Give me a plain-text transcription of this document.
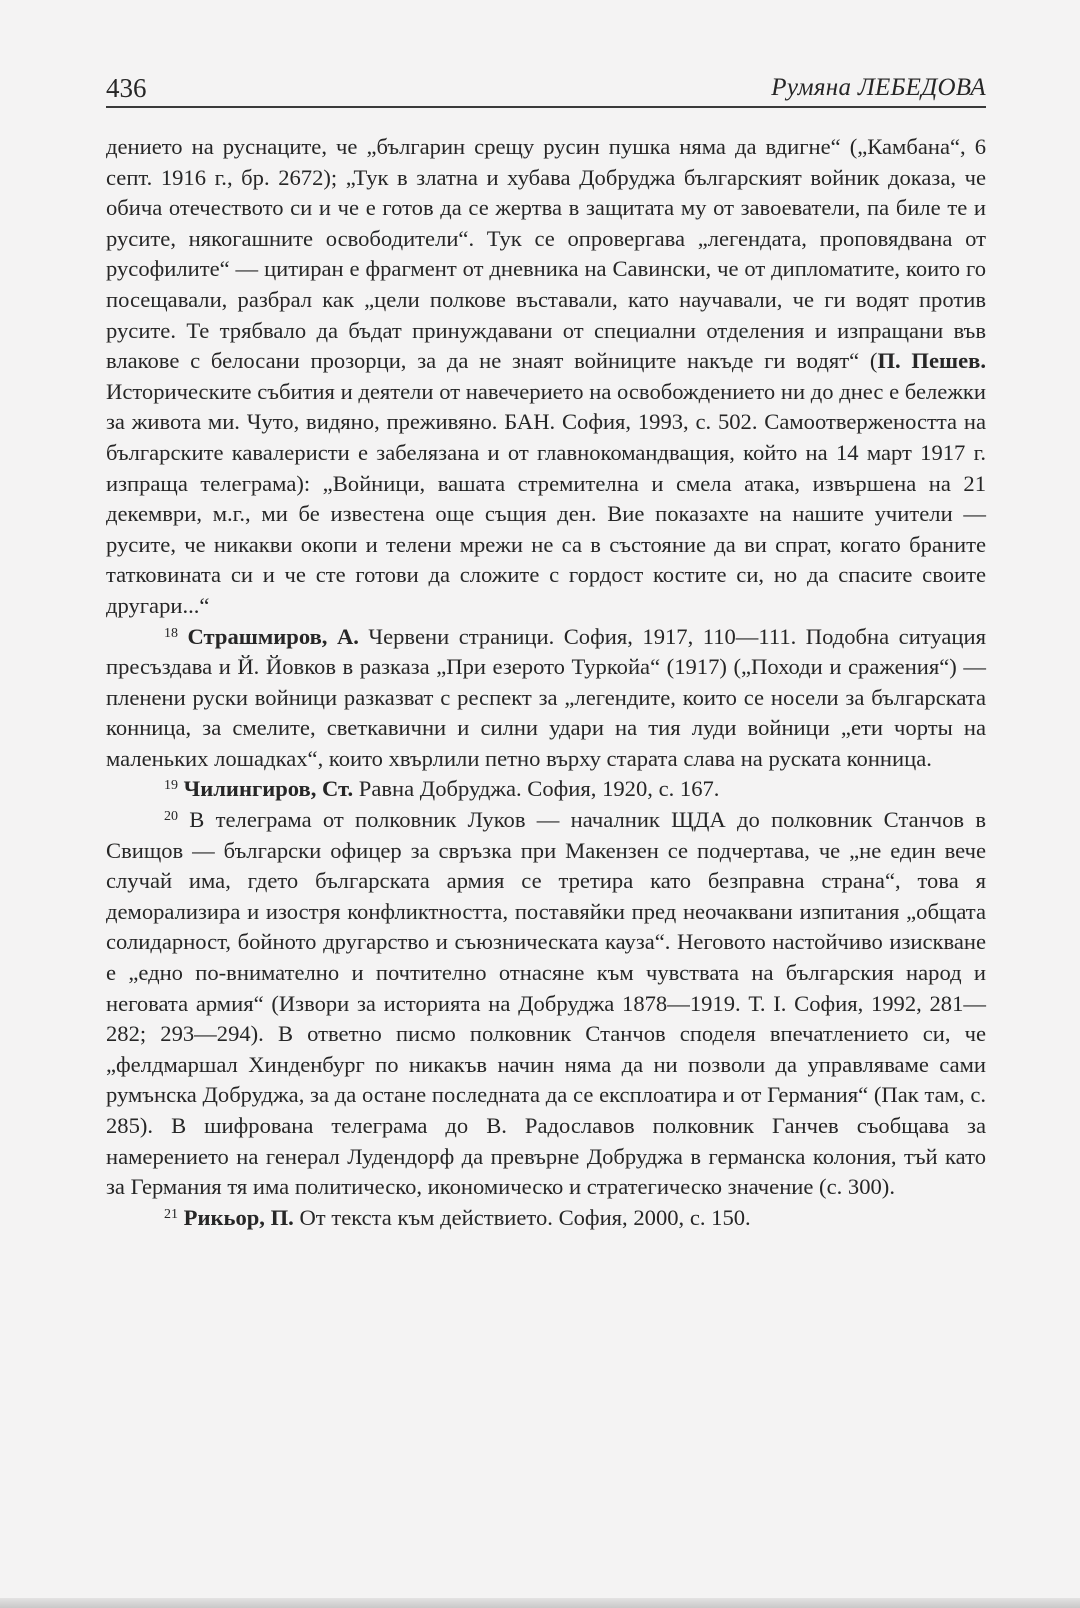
436	Румяна ЛЕБЕДОВА

дението на руснаците, че „българин срещу русин пушка няма да вдигне“ („Камбана“, 6 септ. 1916 г., бр. 2672); „Тук в златна и хубава Добруджа българският войник доказа, че обича отечеството си и че е готов да се жертва в защитата му от завоеватели, па биле те и русите, някогашните освободители“. Тук се опровергава „легендата, проповядвана от русофилите“ — цитиран е фрагмент от дневника на Савински, че от дипломатите, които го посещавали, разбрал как „цели полкове въставали, като научавали, че ги водят против русите. Те трябвало да бъдат принуждавани от специални отделения и изпращани във влакове с белосани прозорци, за да не знаят войниците накъде ги водят“ (П. Пешев. Историческите събития и деятели от навечерието на освобождението ни до днес е бележки за живота ми. Чуто, видяно, преживяно. БАН. София, 1993, с. 502. Самоотвержеността на българските кавалеристи е забелязана и от главнокомандващия, който на 14 март 1917 г. изпраща телеграма): „Войници, вашата стремителна и смела атака, извършена на 21 декември, м.г., ми бе известена още същия ден. Вие показахте на нашите учители — русите, че никакви окопи и телени мрежи не са в състояние да ви спрат, когато браните татковината си и че сте готови да сложите с гордост костите си, но да спасите своите другари...“

$^{18}$ Страшмиров, А. Червени страници. София, 1917, 110—111. Подобна ситуация пресъздава и Й. Йовков в разказа „При езерото Туркойа“ (1917) („Походи и сражения“) — пленени руски войници разказват с респект за „легендите, които се носели за българската конница, за смелите, светкавични и силни удари на тия луди войници „ети чорты на маленьких лошадках“, които хвърлили петно върху старата слава на руската конница.

$^{19}$ Чилингиров, Ст. Равна Добруджа. София, 1920, с. 167.

$^{20}$ В телеграма от полковник Луков — началник ЩДА до полковник Станчов в Свищов — български офицер за свръзка при Макензен се подчертава, че „не един вече случай има, гдето българската армия се третира като безправна страна“, това я деморализира и изостря конфликтността, поставяйки пред неочаквани изпитания „общата солидарност, бойното другарство и съюзническата кауза“. Неговото настойчиво изискване е „едно по-внимателно и почтително отнасяне към чувствата на българския народ и неговата армия“ (Извори за историята на Добруджа 1878—1919. Т. І. София, 1992, 281—282; 293—294). В ответно писмо полковник Станчов споделя впечатлението си, че „фелдмаршал Хинденбург по никакъв начин няма да ни позволи да управляваме сами румънска Добруджа, за да остане последната да се експлоатира и от Германия“ (Пак там, с. 285). В шифрована телеграма до В. Радославов полковник Ганчев съобщава за намерението на генерал Лудендорф да превърне Добруджа в германска колония, тъй като за Германия тя има политическо, икономическо и стратегическо значение (с. 300).

$^{21}$ Рикьор, П. От текста към действието. София, 2000, с. 150.
